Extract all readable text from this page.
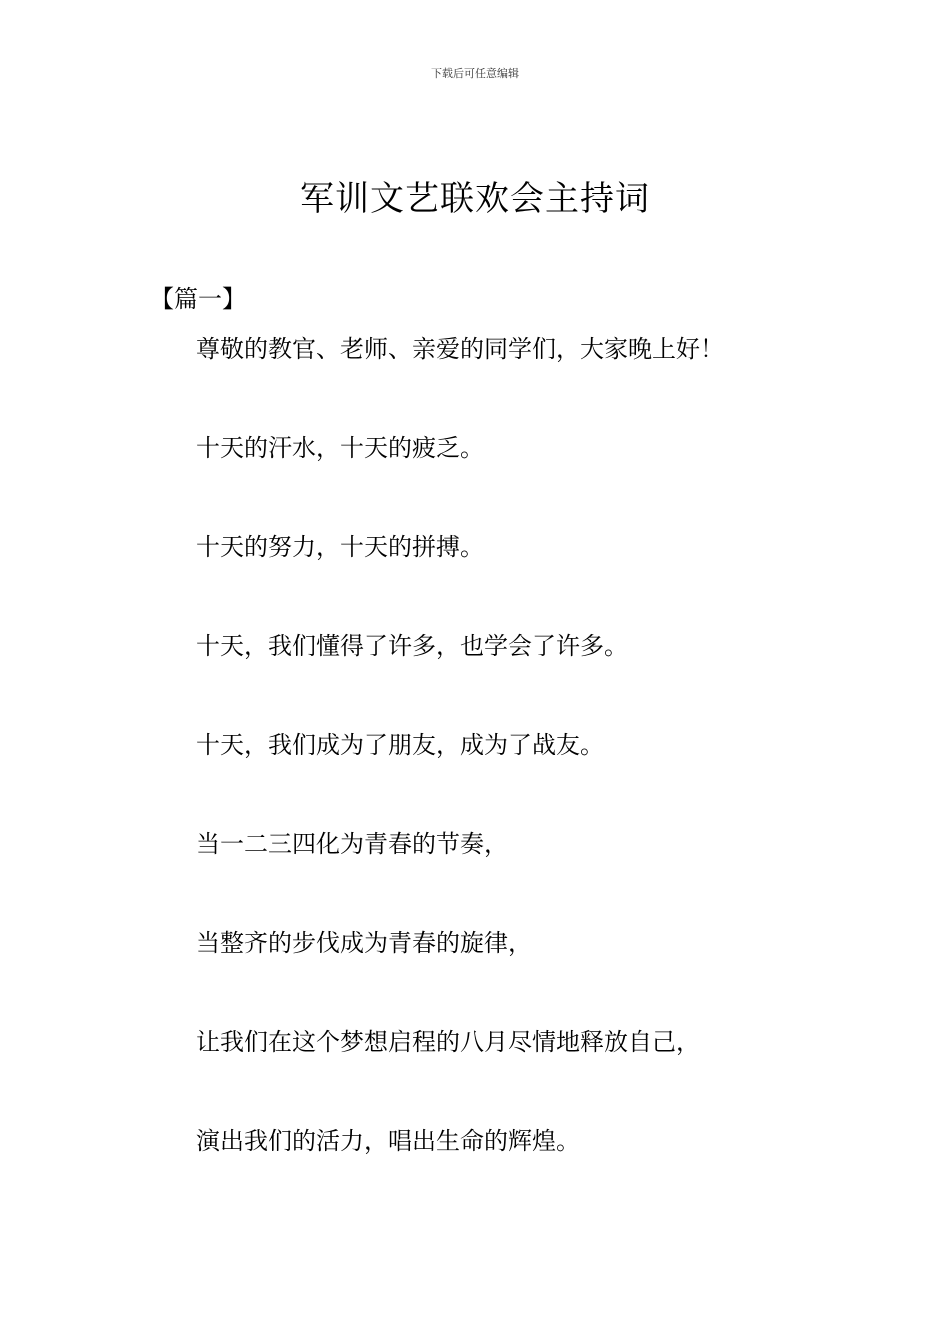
下载后可任意编辑
军训文艺联欢会主持词
【篇一】
尊敬的教官、老师、亲爱的同学们，大家晚上好！
十天的汗水，十天的疲乏。
十天的努力，十天的拼搏。
十天，我们懂得了许多，也学会了许多。
十天，我们成为了朋友，成为了战友。
当一二三四化为青春的节奏，
当整齐的步伐成为青春的旋律，
让我们在这个梦想启程的八月尽情地释放自己，
演出我们的活力，唱出生命的辉煌。
